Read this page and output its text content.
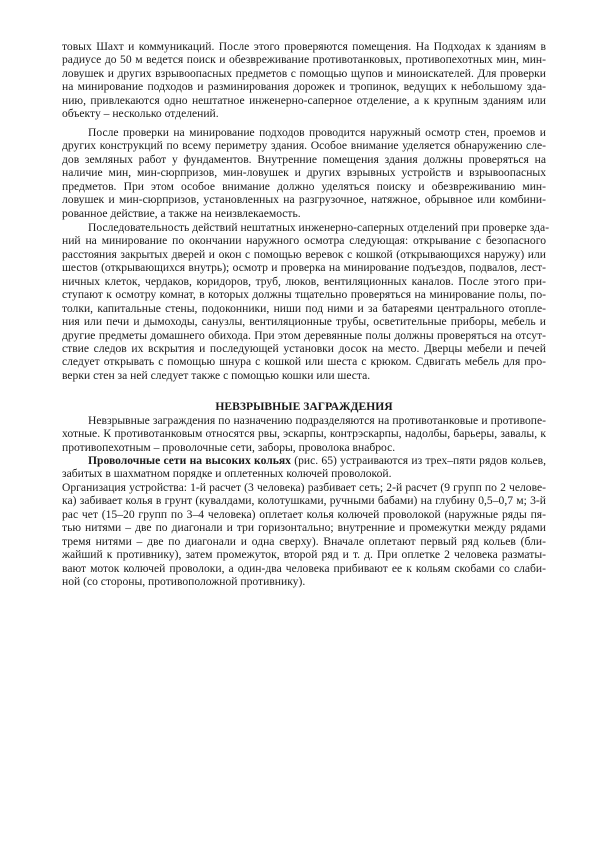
НЕВЗРЫВНЫЕ ЗАГРАЖДЕНИЯ
товых Шахт и коммуникаций. После этого проверяются помещения. На Подходах к зданиям в
радиусе до 50 м ведется поиск и обезвреживание противотанковых, противопехотных мин, мин-
ловушек и других взрывоопасных предметов с помощью щупов и миноискателей. Для проверки
на минирование подходов и разминирования дорожек и тропинок, ведущих к небольшому зда-
нию, привлекаются одно нештатное инженерно-саперное отделение, а к крупным зданиям или
объекту – несколько отделений.
После проверки на минирование подходов проводится наружный осмотр стен, проемов и
других конструкций по всему периметру здания. Особое внимание уделяется обнаружению сле-
дов земляных работ у фундаментов. Внутренние помещения здания должны проверяться на
наличие мин, мин-сюрпризов, мин-ловушек и других взрывных устройств и взрывоопасных
предметов. При этом особое внимание должно уделяться поиску и обезвреживанию мин-
ловушек и мин-сюрпризов, установленных на разгрузочное, натяжное, обрывное или комбини-
рованное действие, а также на неизвлекаемость.
Последовательность действий нештатных инженерно-саперных отделений при проверке зда-
ний на минирование по окончании наружного осмотра следующая: открывание с безопасного
расстояния закрытых дверей и окон с помощью веревок с кошкой (открывающихся наружу) или
шестов (открывающихся внутрь); осмотр и проверка на минирование подъездов, подвалов, лест-
ничных клеток, чердаков, коридоров, труб, люков, вентиляционных каналов. После этого при-
ступают к осмотру комнат, в которых должны тщательно проверяться на минирование полы, по-
толки, капитальные стены, подоконники, ниши под ними и за батареями центрального отопле-
ния или печи и дымоходы, санузлы, вентиляционные трубы, осветительные приборы, мебель и
другие предметы домашнего обихода. При этом деревянные полы должны проверяться на отсут-
ствие следов их вскрытия и последующей установки досок на место. Дверцы мебели и печей
следует открывать с помощью шнура с кошкой или шеста с крюком. Сдвигать мебель для про-
верки стен за ней следует также с помощью кошки или шеста.
Невзрывные заграждения по назначению подразделяются на противотанковые и противопе-
хотные. К противотанковым относятся рвы, эскарпы, контрэскарпы, надолбы, барьеры, завалы, к
противопехотным – проволочные сети, заборы, проволока внаброс.
Проволочные сети на высоких кольях (рис. 65) устраиваются из трех–пяти рядов кольев,
забитых в шахматном порядке и оплетенных колючей проволокой.
Организация устройства: 1-й расчет (3 человека) разбивает сеть; 2-й расчет (9 групп по 2 челове-
ка) забивает колья в грунт (кувалдами, колотушками, ручными бабами) на глубину 0,5–0,7 м; 3-й
рас чет (15–20 групп по 3–4 человека) оплетает колья колючей проволокой (наружные ряды пя-
тью нитями – две по диагонали и три горизонтально; внутренние и промежутки между рядами
тремя нитями – две по диагонали и одна сверху). Вначале оплетают первый ряд кольев (бли-
жайший к противнику), затем промежуток, второй ряд и т. д. При оплетке 2 человека разматы-
вают моток колючей проволоки, а один-два человека прибивают ее к кольям скобами со слаби-
ной (со стороны, противоположной противнику).
